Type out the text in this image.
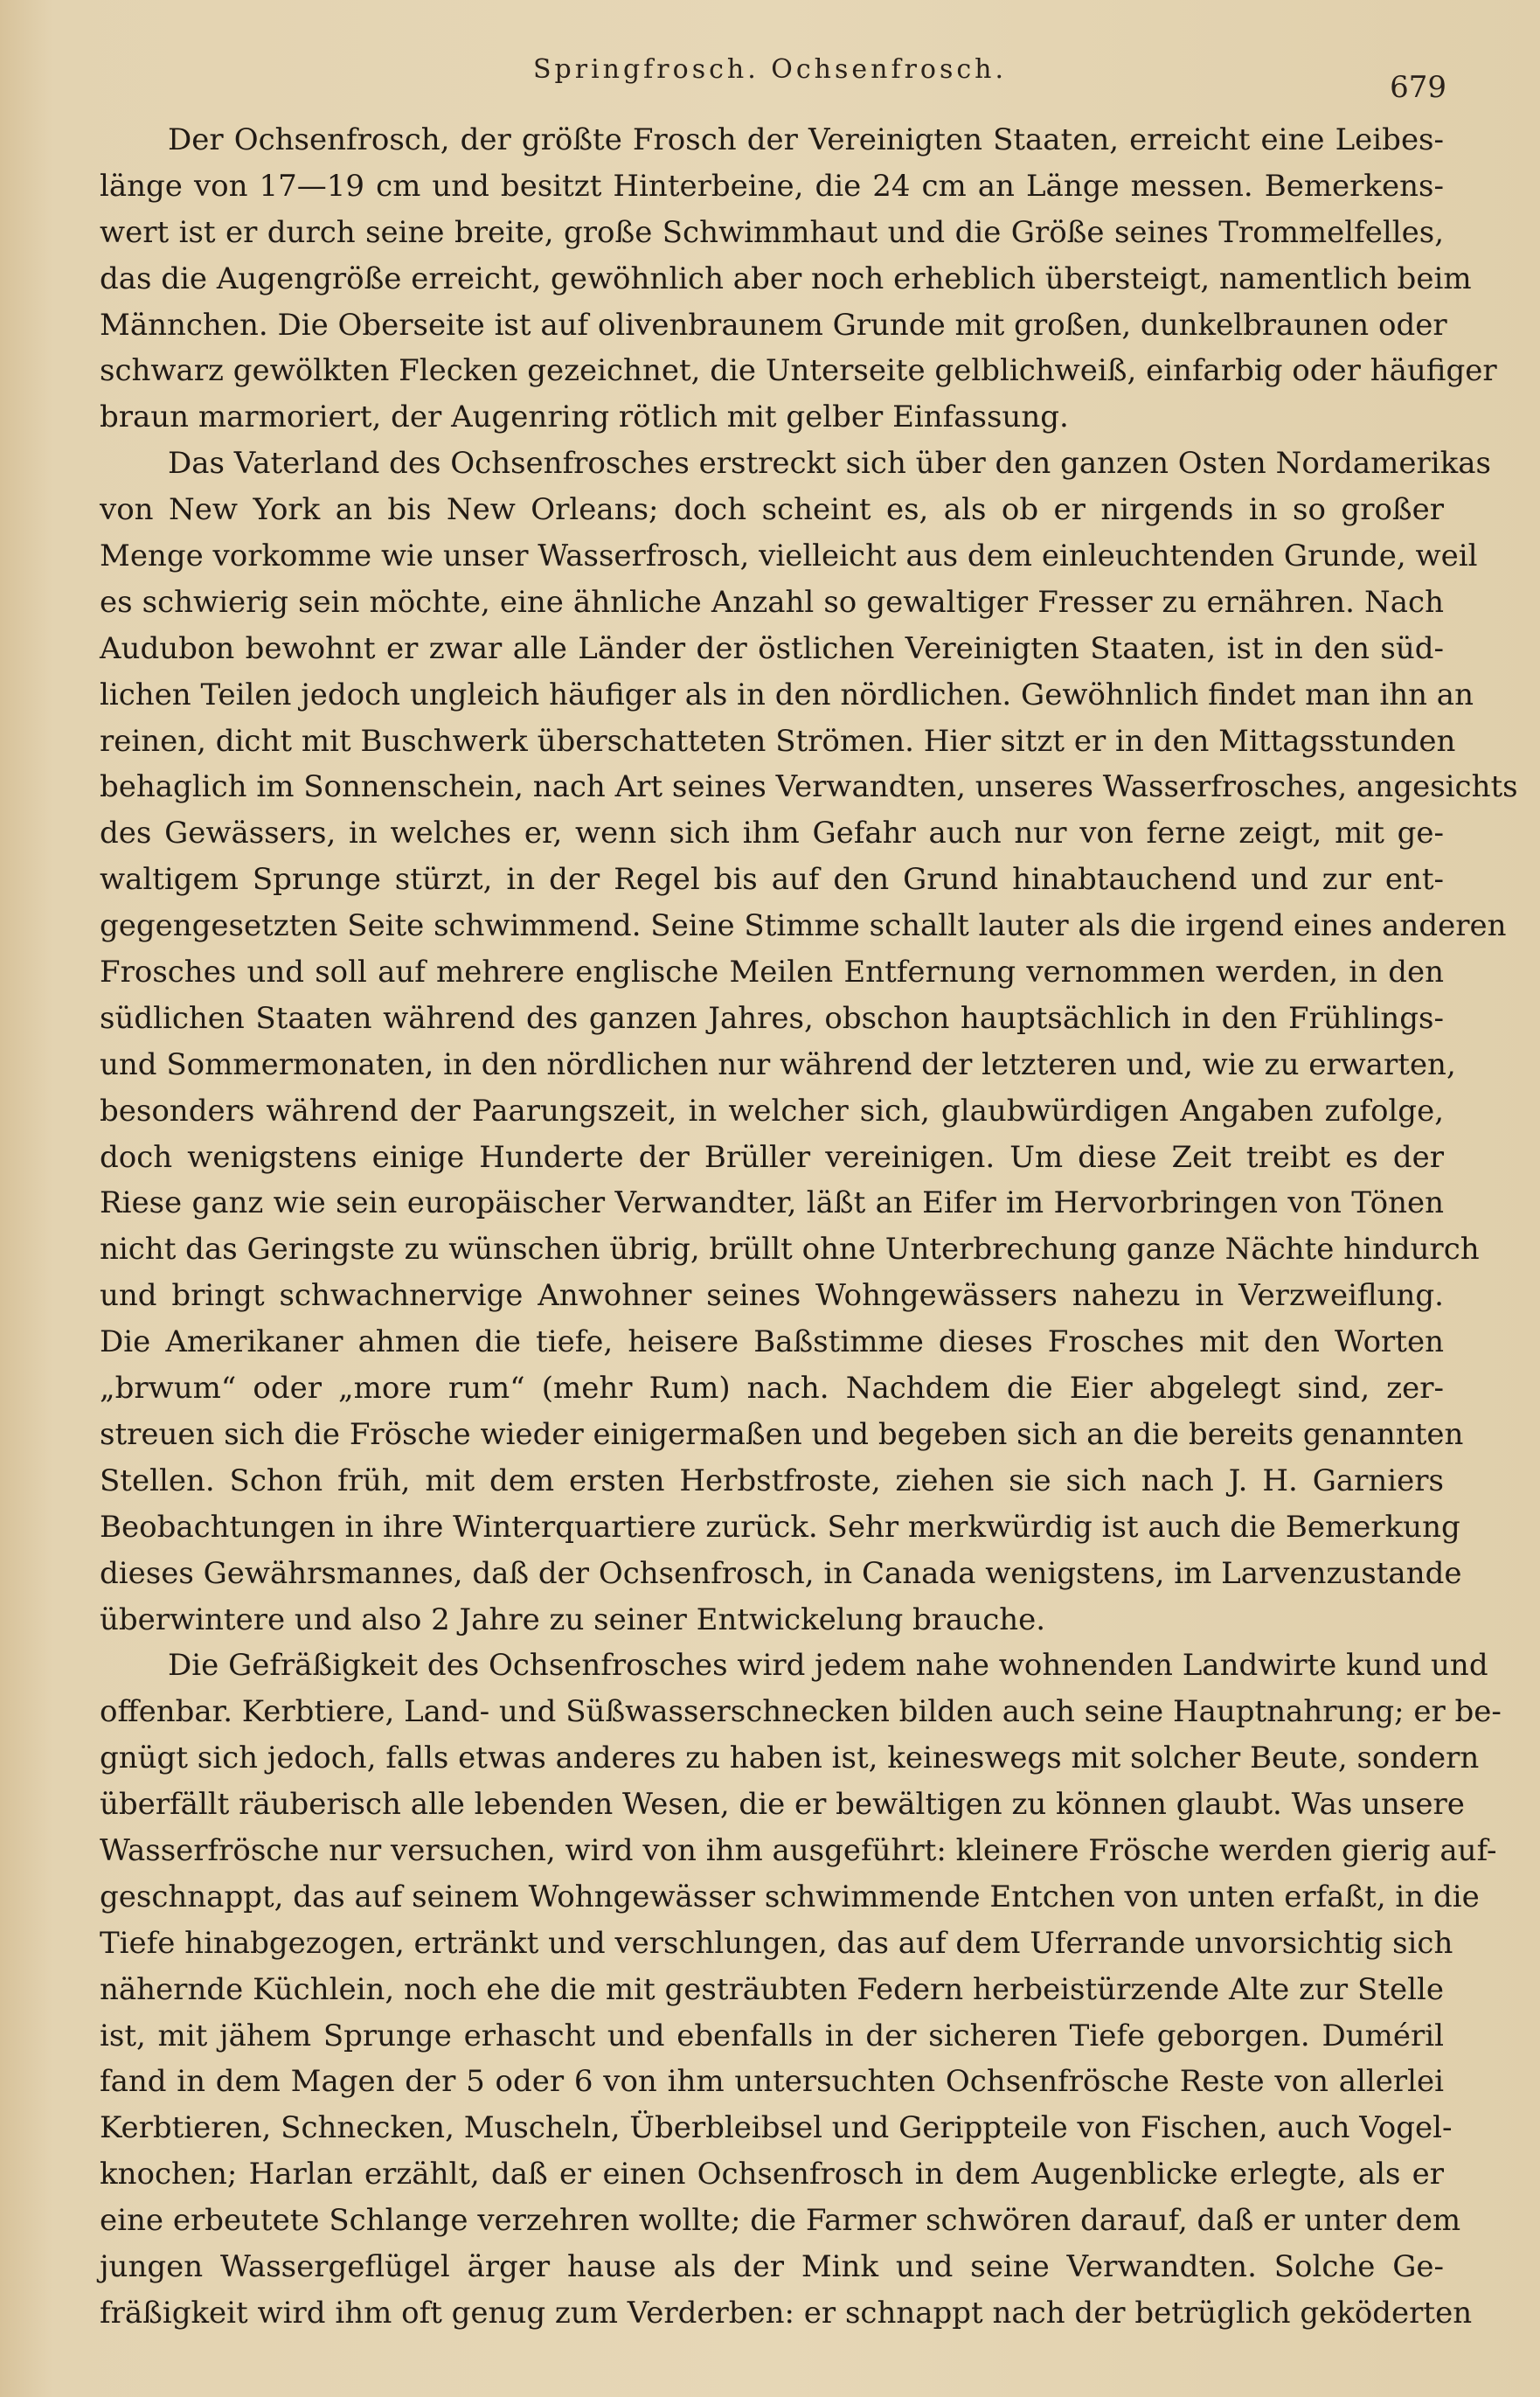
Springfrosch. Ochsenfrosch.
679
Der Ochsenfrosch, der größte Frosch der Vereinigten Staaten, erreicht eine Leibes-
länge von 17—19 cm und besitzt Hinterbeine, die 24 cm an Länge messen. Bemerkens-
wert ist er durch seine breite, große Schwimmhaut und die Größe seines Trommelfelles,
das die Augengröße erreicht, gewöhnlich aber noch erheblich übersteigt, namentlich beim
Männchen. Die Oberseite ist auf olivenbraunem Grunde mit großen, dunkelbraunen oder
schwarz gewölkten Flecken gezeichnet, die Unterseite gelblichweiß, einfarbig oder häufiger
braun marmoriert, der Augenring rötlich mit gelber Einfassung.
Das Vaterland des Ochsenfrosches erstreckt sich über den ganzen Osten Nordamerikas
von New York an bis New Orleans; doch scheint es, als ob er nirgends in so großer
Menge vorkomme wie unser Wasserfrosch, vielleicht aus dem einleuchtenden Grunde, weil
es schwierig sein möchte, eine ähnliche Anzahl so gewaltiger Fresser zu ernähren. Nach
Audubon bewohnt er zwar alle Länder der östlichen Vereinigten Staaten, ist in den süd-
lichen Teilen jedoch ungleich häufiger als in den nördlichen. Gewöhnlich findet man ihn an
reinen, dicht mit Buschwerk überschatteten Strömen. Hier sitzt er in den Mittagsstunden
behaglich im Sonnenschein, nach Art seines Verwandten, unseres Wasserfrosches, angesichts
des Gewässers, in welches er, wenn sich ihm Gefahr auch nur von ferne zeigt, mit ge-
waltigem Sprunge stürzt, in der Regel bis auf den Grund hinabtauchend und zur ent-
gegengesetzten Seite schwimmend. Seine Stimme schallt lauter als die irgend eines anderen
Frosches und soll auf mehrere englische Meilen Entfernung vernommen werden, in den
südlichen Staaten während des ganzen Jahres, obschon hauptsächlich in den Frühlings-
und Sommermonaten, in den nördlichen nur während der letzteren und, wie zu erwarten,
besonders während der Paarungszeit, in welcher sich, glaubwürdigen Angaben zufolge,
doch wenigstens einige Hunderte der Brüller vereinigen. Um diese Zeit treibt es der
Riese ganz wie sein europäischer Verwandter, läßt an Eifer im Hervorbringen von Tönen
nicht das Geringste zu wünschen übrig, brüllt ohne Unterbrechung ganze Nächte hindurch
und bringt schwachnervige Anwohner seines Wohngewässers nahezu in Verzweiflung.
Die Amerikaner ahmen die tiefe, heisere Baßstimme dieses Frosches mit den Worten
„brwum“ oder „more rum“ (mehr Rum) nach. Nachdem die Eier abgelegt sind, zer-
streuen sich die Frösche wieder einigermaßen und begeben sich an die bereits genannten
Stellen. Schon früh, mit dem ersten Herbstfroste, ziehen sie sich nach J. H. Garniers
Beobachtungen in ihre Winterquartiere zurück. Sehr merkwürdig ist auch die Bemerkung
dieses Gewährsmannes, daß der Ochsenfrosch, in Canada wenigstens, im Larvenzustande
überwintere und also 2 Jahre zu seiner Entwickelung brauche.
Die Gefräßigkeit des Ochsenfrosches wird jedem nahe wohnenden Landwirte kund und
offenbar. Kerbtiere, Land- und Süßwasserschnecken bilden auch seine Hauptnahrung; er be-
gnügt sich jedoch, falls etwas anderes zu haben ist, keineswegs mit solcher Beute, sondern
überfällt räuberisch alle lebenden Wesen, die er bewältigen zu können glaubt. Was unsere
Wasserfrösche nur versuchen, wird von ihm ausgeführt: kleinere Frösche werden gierig auf-
geschnappt, das auf seinem Wohngewässer schwimmende Entchen von unten erfaßt, in die
Tiefe hinabgezogen, ertränkt und verschlungen, das auf dem Uferrande unvorsichtig sich
nähernde Küchlein, noch ehe die mit gesträubten Federn herbeistürzende Alte zur Stelle
ist, mit jähem Sprunge erhascht und ebenfalls in der sicheren Tiefe geborgen. Duméril
fand in dem Magen der 5 oder 6 von ihm untersuchten Ochsenfrösche Reste von allerlei
Kerbtieren, Schnecken, Muscheln, Überbleibsel und Gerippteile von Fischen, auch Vogel-
knochen; Harlan erzählt, daß er einen Ochsenfrosch in dem Augenblicke erlegte, als er
eine erbeutete Schlange verzehren wollte; die Farmer schwören darauf, daß er unter dem
jungen Wassergeflügel ärger hause als der Mink und seine Verwandten. Solche Ge-
fräßigkeit wird ihm oft genug zum Verderben: er schnappt nach der betrüglich geköderten
